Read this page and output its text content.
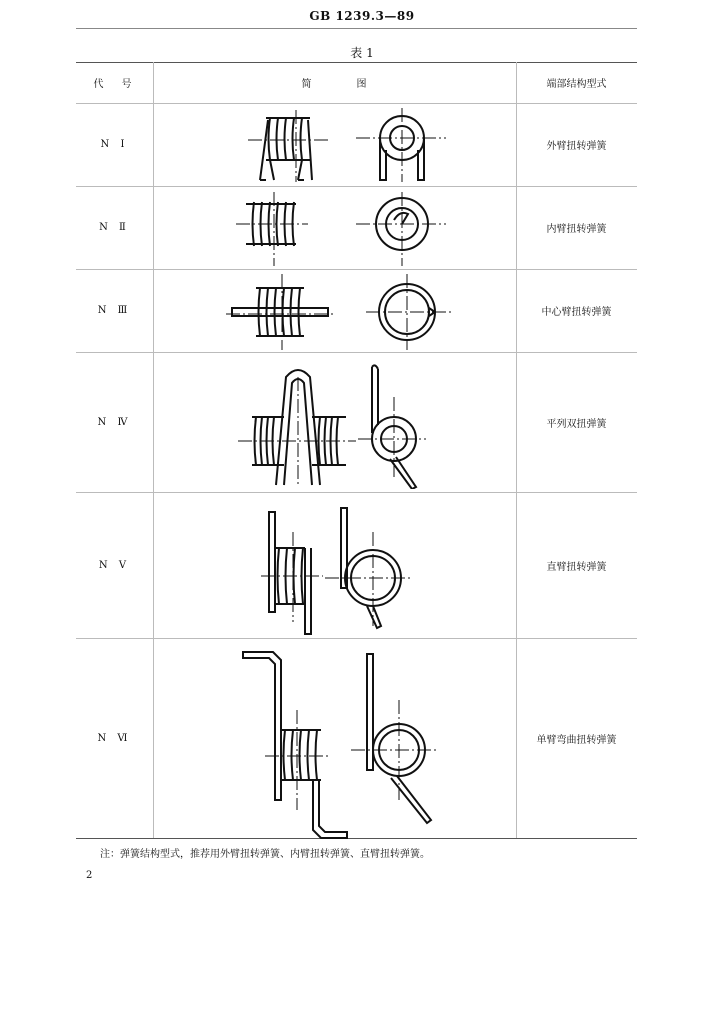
GB 1239.3—89
表 1
代　号	简　　　　图	端部结构型式
N Ⅰ	外臂扭转弹簧
N Ⅱ	内臂扭转弹簧
N Ⅲ	中心臂扭转弹簧
N Ⅳ	平列双扭弹簧
N Ⅴ	直臂扭转弹簧
N Ⅵ	单臂弯曲扭转弹簧
注：弹簧结构型式，推荐用外臂扭转弹簧、内臂扭转弹簧、直臂扭转弹簧。
2
